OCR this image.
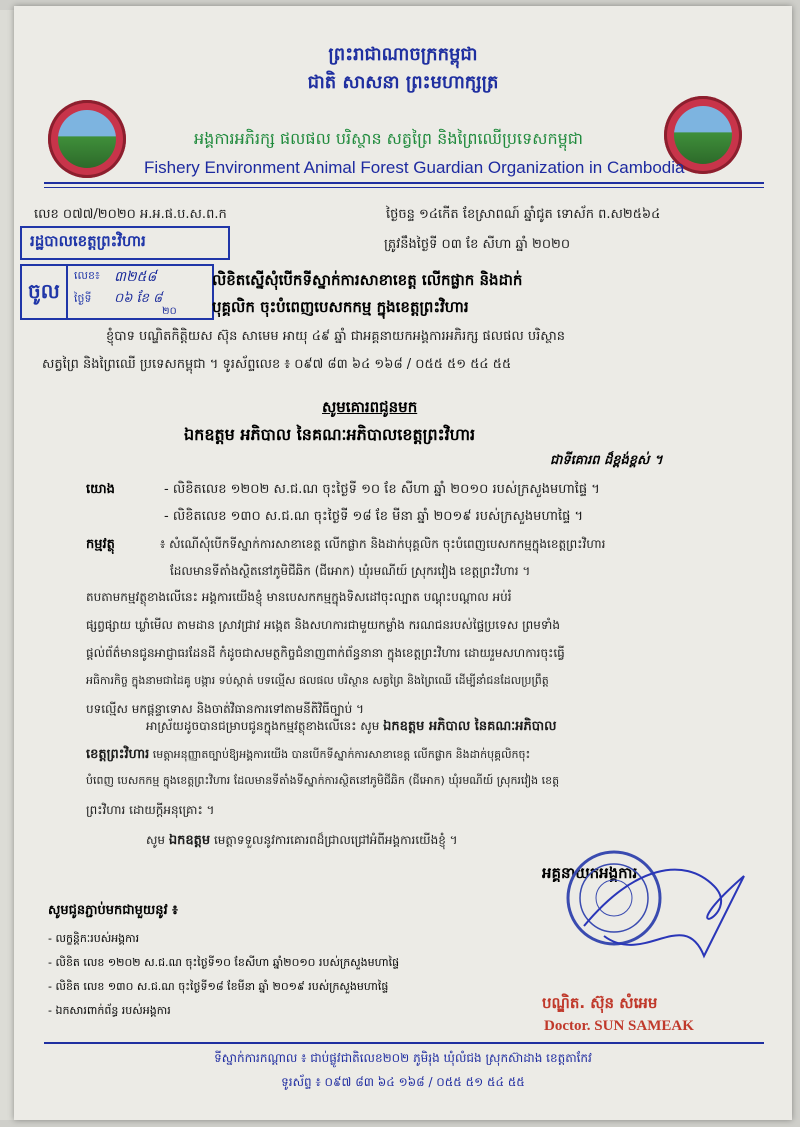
ព្រះរាជាណាចក្រកម្ពុជា
ជាតិ សាសនា ព្រះមហាក្សត្រ
អង្គការអភិរក្ស ផលផល បរិស្ថាន សត្វព្រៃ និងព្រៃឈើប្រទេសកម្ពុជា
Fishery Environment Animal Forest Guardian Organization in Cambodia
លេខ ០៧៧/២០២០ អ.អ.ផ.ប.ស.ព.ក	ថ្ងៃចន្ទ ១៤កើត ខែស្រាពណ៍ ឆ្នាំជូត ទោស័ក ព.ស២៥៦៤
ត្រូវនឹងថ្ងៃទី ០៣ ខែ សីហា ឆ្នាំ ២០២០
រដ្ឋបាលខេត្តព្រះវិហារ
ចូល
លេខ៖ ៣២៥៨
ថ្ងៃទី ០៦ ខែ ៨
២០
លិខិតស្នើសុំបើកទីស្នាក់ការសាខាខេត្ត លើកផ្លាក និងដាក់
បុគ្គលិក ចុះបំពេញបេសកកម្ម ក្នុងខេត្តព្រះវិហារ
ខ្ញុំបាទ បណ្ឌិតកិត្តិយស ស៊ុន សាមេម អាយុ ៤៩ ឆ្នាំ ជាអគ្គនាយកអង្គការអភិរក្ស ផលផល បរិស្ថាន
សត្វព្រៃ និងព្រៃឈើ ប្រទេសកម្ពុជា ។ ទូរស័ព្ទលេខ ៖ ០៩៧ ៨៣ ៦៤ ១៦៨ / ០៥៥ ៥១ ៥៤ ៥៥
សូមគោរពជូនមក
ឯកឧត្តម អភិបាល នៃគណៈអភិបាលខេត្តព្រះវិហារ
ជាទីគោរព ដ៏ខ្ពង់ខ្ពស់ ។
យោង	- លិខិតលេខ ១២០២ ស.ជ.ណ ចុះថ្ងៃទី ១០ ខែ សីហា ឆ្នាំ ២០១០ របស់ក្រសួងមហាផ្ទៃ ។
- លិខិតលេខ ១៣០ ស.ជ.ណ ចុះថ្ងៃទី ១៨ ខែ មីនា ឆ្នាំ ២០១៩ របស់ក្រសួងមហាផ្ទៃ ។
កម្មវត្ថុ	៖ សំណើសុំបើកទីស្នាក់ការសាខាខេត្ត លើកផ្លាក និងដាក់បុគ្គលិក ចុះបំពេញបេសកកម្មក្នុងខេត្តព្រះវិហារ
ដែលមានទីតាំងស្ថិតនៅភូមិជីឆិក (ជីអោក) ឃុំរមណីយ៍ ស្រុករវៀង ខេត្តព្រះវិហារ ។
តបតាមកម្មវត្ថុខាងលើនេះ អង្គការយើងខ្ញុំ មានបេសកកម្មក្នុងទិសដៅចុះល្បាត បណ្ដុះបណ្ដាល អប់រំ
ផ្សព្វផ្សាយ ឃ្លាំមើល តាមដាន ស្រាវជ្រាវ អង្កេត និងសហការជាមួយកម្លាំង ករណជនរបស់ផ្ទៃប្រទេស ព្រមទាំង
ផ្ដល់ព័ត៌មានជូនអាជ្ញាធរដែនដី កំដូចជាសមត្ថកិច្ចជំនាញពាក់ព័ន្ធនានា ក្នុងខេត្តព្រះវិហារ ដោយរួមសហការចុះធ្វើ
អធិការកិច្ច ក្នុងនាមជាដៃគូ បង្ការ ទប់ស្កាត់ បទល្មើស ផលផល បរិស្ថាន សត្វព្រៃ និងព្រៃឈើ ដើម្បីនាំជនដែលប្រព្រឹត្ត
បទល្មើស មកផ្ដន្ទាទោស និងចាត់វិធានការទៅតាមនីតិវិធីច្បាប់ ។
អាស្រ័យដូចបានជម្រាបជូនក្នុងកម្មវត្ថុខាងលើនេះ សូម ឯកឧត្តម អភិបាល នៃគណៈអភិបាល
ខេត្តព្រះវិហារ មេត្តាអនុញ្ញាតច្បាប់ឱ្យអង្គការយើង បានបើកទីស្នាក់ការសាខាខេត្ត លើកផ្លាក និងដាក់បុគ្គលិកចុះ
បំពេញ បេសកកម្ម ក្នុងខេត្តព្រះវិហារ ដែលមានទីតាំងទីស្នាក់ការស្ថិតនៅភូមិជីឆិក (ជីអោក) ឃុំរមណីយ៍ ស្រុករវៀង ខេត្ត
ព្រះវិហារ ដោយក្ដីអនុគ្រោះ ។
សូម ឯកឧត្តម មេត្តាទទួលនូវការគោរពដ៏ជ្រាលជ្រៅអំពីអង្គការយើងខ្ញុំ ។
អគ្គនាយកអង្គការ
សូមជូនភ្ជាប់មកជាមួយនូវ ៖
- លក្ខន្តិកៈរបស់អង្គការ
- លិខិត លេខ ១២០២ ស.ជ.ណ ចុះថ្ងៃទី១០ ខែសីហា ឆ្នាំ២០១០ របស់ក្រសួងមហាផ្ទៃ
- លិខិត លេខ ១៣០ ស.ជ.ណ ចុះថ្ងៃទី១៨ ខែមីនា ឆ្នាំ ២០១៩ របស់ក្រសួងមហាផ្ទៃ
- ឯកសារពាក់ព័ន្ធ របស់អង្គការ	បណ្ឌិត. ស៊ុន សំអេម
Doctor. SUN SAMEAK
ទីស្នាក់ការកណ្ដាល ៖ ជាប់ផ្លូវជាតិលេខ២០២ ភូមិរុង ឃុំលំជង ស្រុកស៊ាដាង ខេត្តតាកែវ
ទូរស័ព្ទ ៖ ០៩៧ ៨៣ ៦៤ ១៦៨ / ០៥៥ ៥១ ៥៤ ៥៥
